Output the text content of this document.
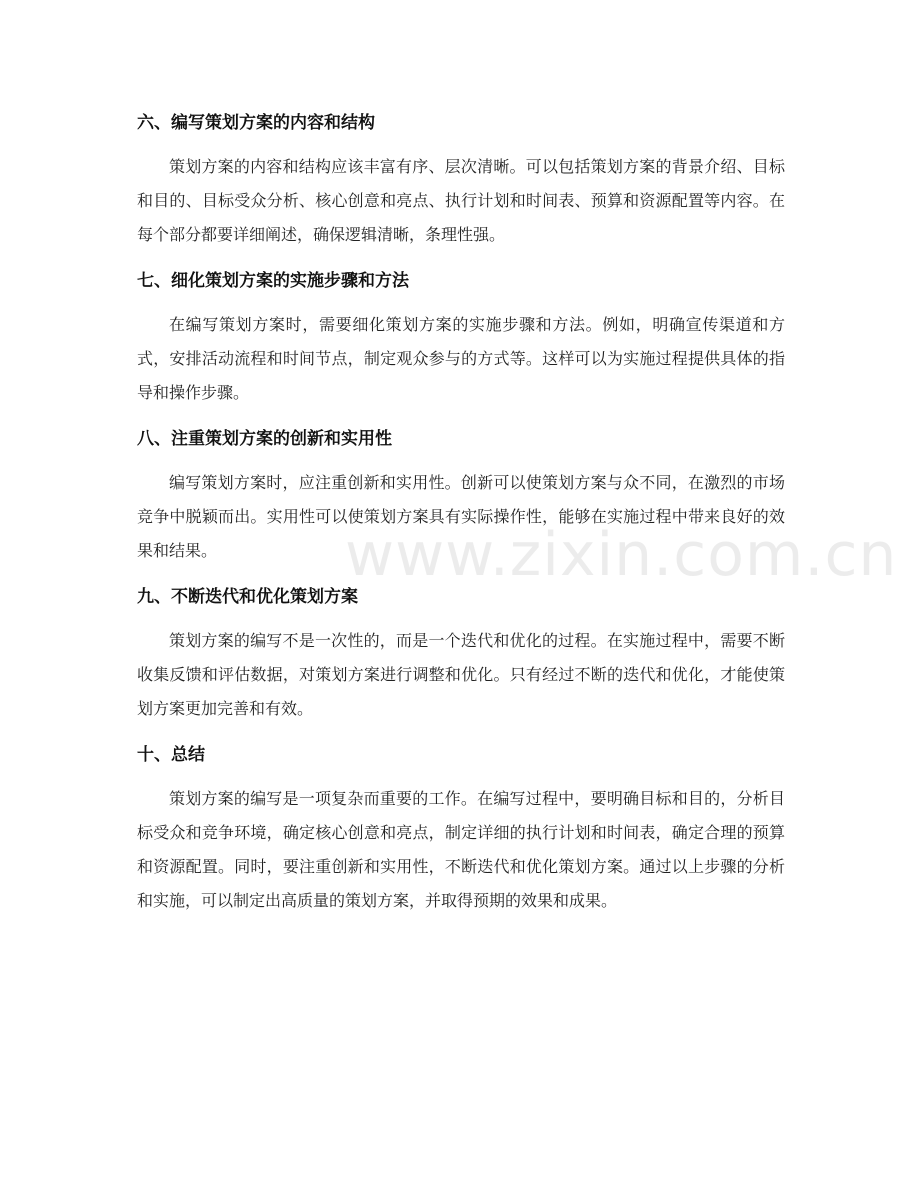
六、编写策划方案的内容和结构

策划方案的内容和结构应该丰富有序、层次清晰。可以包括策划方案的背景介绍、目标和目的、目标受众分析、核心创意和亮点、执行计划和时间表、预算和资源配置等内容。在每个部分都要详细阐述，确保逻辑清晰，条理性强。

七、细化策划方案的实施步骤和方法

在编写策划方案时，需要细化策划方案的实施步骤和方法。例如，明确宣传渠道和方式，安排活动流程和时间节点，制定观众参与的方式等。这样可以为实施过程提供具体的指导和操作步骤。

八、注重策划方案的创新和实用性

编写策划方案时，应注重创新和实用性。创新可以使策划方案与众不同，在激烈的市场竞争中脱颖而出。实用性可以使策划方案具有实际操作性，能够在实施过程中带来良好的效果和结果。

九、不断迭代和优化策划方案

策划方案的编写不是一次性的，而是一个迭代和优化的过程。在实施过程中，需要不断收集反馈和评估数据，对策划方案进行调整和优化。只有经过不断的迭代和优化，才能使策划方案更加完善和有效。

十、总结

策划方案的编写是一项复杂而重要的工作。在编写过程中，要明确目标和目的，分析目标受众和竞争环境，确定核心创意和亮点，制定详细的执行计划和时间表，确定合理的预算和资源配置。同时，要注重创新和实用性，不断迭代和优化策划方案。通过以上步骤的分析和实施，可以制定出高质量的策划方案，并取得预期的效果和成果。

www.zixin.com.cn
